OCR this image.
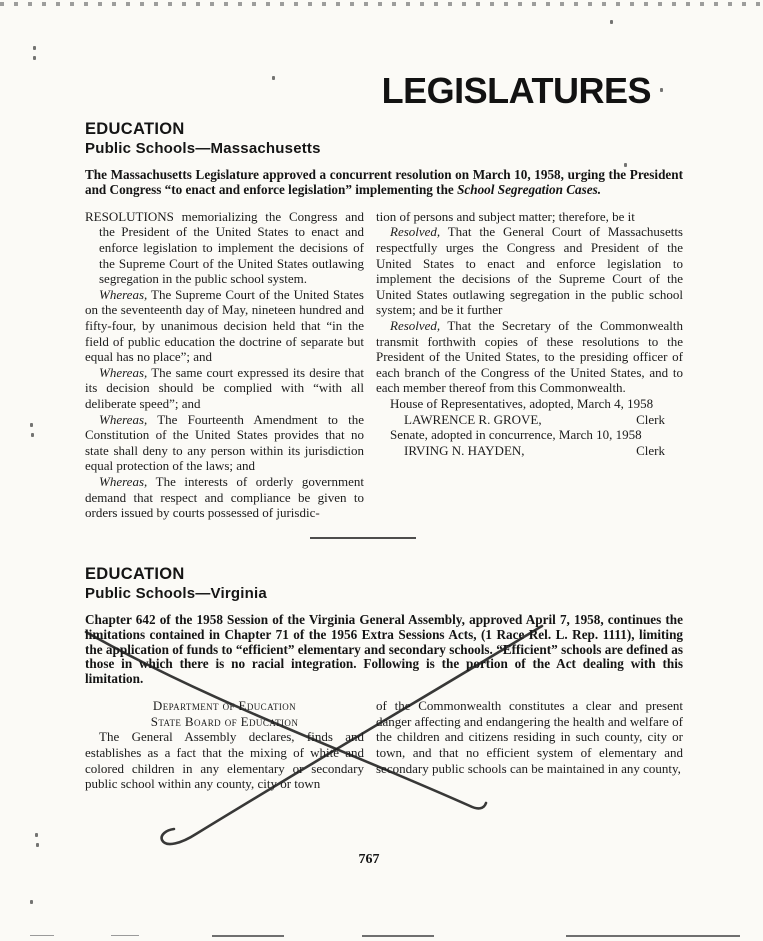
LEGISLATURES
EDUCATION
Public Schools—Massachusetts

The Massachusetts Legislature approved a concurrent resolution on March 10, 1958, urging the President and Congress “to enact and enforce legislation” implementing the School Segregation Cases.

RESOLUTIONS memorializing the Congress and the President of the United States to enact and enforce legislation to implement the decisions of the Supreme Court of the United States outlawing segregation in the public school system.

Whereas, The Supreme Court of the United States on the seventeenth day of May, nineteen hundred and fifty-four, by unanimous decision held that “in the field of public education the doctrine of separate but equal has no place”; and

Whereas, The same court expressed its desire that its decision should be complied with “with all deliberate speed”; and

Whereas, The Fourteenth Amendment to the Constitution of the United States provides that no state shall deny to any person within its jurisdiction equal protection of the laws; and

Whereas, The interests of orderly government demand that respect and compliance be given to orders issued by courts possessed of jurisdic-

tion of persons and subject matter; therefore, be it

Resolved, That the General Court of Massachusetts respectfully urges the Congress and President of the United States to enact and enforce legislation to implement the decisions of the Supreme Court of the United States outlawing segregation in the public school system; and be it further

Resolved, That the Secretary of the Commonwealth transmit forthwith copies of these resolutions to the President of the United States, to the presiding officer of each branch of the Congress of the United States, and to each member thereof from this Commonwealth.

House of Representatives, adopted, March 4, 1958

LAWRENCE R. GROVE,	Clerk

Senate, adopted in concurrence, March 10, 1958

IRVING N. HAYDEN,	Clerk
EDUCATION
Public Schools—Virginia

Chapter 642 of the 1958 Session of the Virginia General Assembly, approved April 7, 1958, continues the limitations contained in Chapter 71 of the 1956 Extra Sessions Acts, (1 Race Rel. L. Rep. 1111), limiting the application of funds to “efficient” elementary and secondary schools. “Efficient” schools are defined as those in which there is no racial integration. Following is the portion of the Act dealing with this limitation.

Department of Education

State Board of Education

The General Assembly declares, finds and establishes as a fact that the mixing of white and colored children in any elementary or secondary public school within any county, city or town

of the Commonwealth constitutes a clear and present danger affecting and endangering the health and welfare of the children and citizens residing in such county, city or town, and that no efficient system of elementary and secondary public schools can be maintained in any county,

767
